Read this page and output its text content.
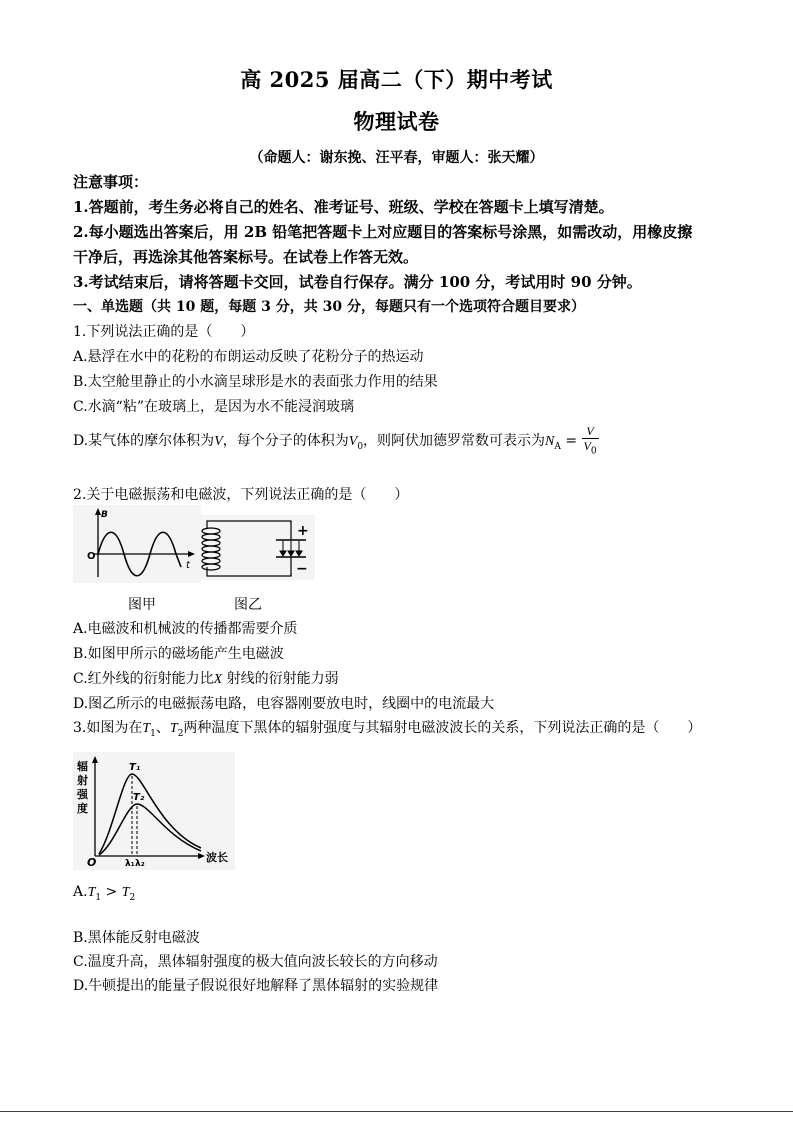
高 2025 届高二（下）期中考试
物理试卷
（命题人：谢东挽、汪平春，审题人：张天耀）
注意事项：
1.答题前，考生务必将自己的姓名、准考证号、班级、学校在答题卡上填写清楚。
2.每小题选出答案后，用 2B 铅笔把答题卡上对应题目的答案标号涂黑，如需改动，用橡皮擦
干净后，再选涂其他答案标号。在试卷上作答无效。
3.考试结束后，请将答题卡交回，试卷自行保存。满分 100 分，考试用时 90 分钟。
一、单选题（共 10 题，每题 3 分，共 30 分，每题只有一个选项符合题目要求）
1.下列说法正确的是（　　）
A.悬浮在水中的花粉的布朗运动反映了花粉分子的热运动
B.太空舱里静止的小水滴呈球形是水的表面张力作用的结果
C.水滴“粘”在玻璃上，是因为水不能浸润玻璃
D.某气体的摩尔体积为V，每个分子的体积为$V_0$，则阿伏加德罗常数可表示为$N_A = \frac{V}{V_0}$
2.关于电磁振荡和电磁波，下列说法正确的是（　　）
B
O
t
+
−
图甲	图乙
A.电磁波和机械波的传播都需要介质
B.如图甲所示的磁场能产生电磁波
C.红外线的衍射能力比X 射线的衍射能力弱
D.图乙所示的电磁振荡电路，电容器刚要放电时，线圈中的电流最大
3.如图为在$T_1$、$T_2$两种温度下黑体的辐射强度与其辐射电磁波波长的关系，下列说法正确的是（　　）
辐
射
强
度
O	波长
T₁
T₂
λ₁ λ₂
$A.T_1 > T_2$
B.黑体能反射电磁波
C.温度升高，黑体辐射强度的极大值向波长较长的方向移动
D.牛顿提出的能量子假说很好地解释了黑体辐射的实验规律
